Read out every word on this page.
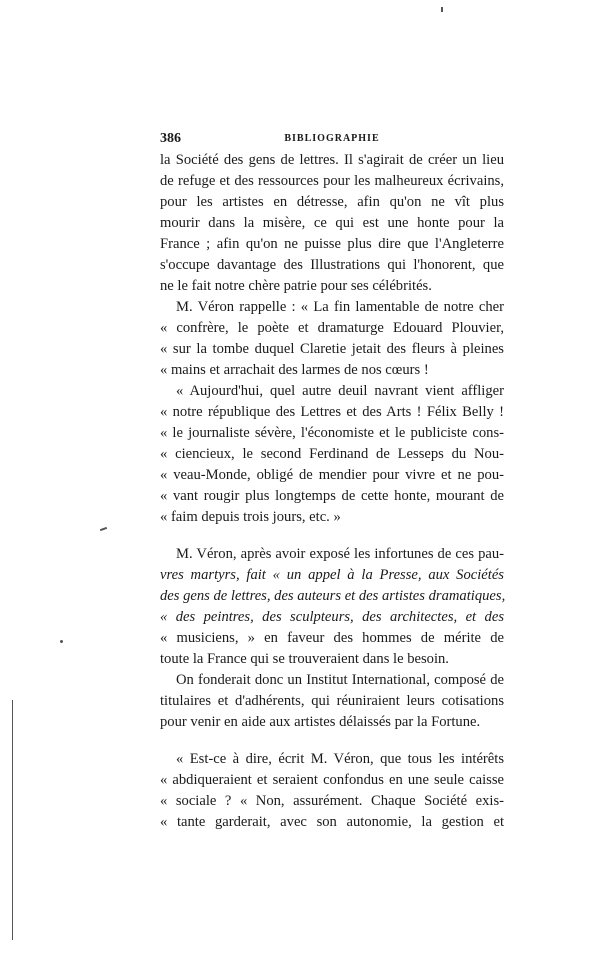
386	BIBLIOGRAPHIE
la Société des gens de lettres. Il s'agirait de créer un lieu
de refuge et des ressources pour les malheureux écrivains,
pour les artistes en détresse, afin qu'on ne vît plus
mourir dans la misère, ce qui est une honte pour la
France ; afin qu'on ne puisse plus dire que l'Angleterre
s'occupe davantage des Illustrations qui l'honorent, que
ne le fait notre chère patrie pour ses célébrités.
M. Véron rappelle : « La fin lamentable de notre cher
« confrère, le poète et dramaturge Edouard Plouvier,
« sur la tombe duquel Claretie jetait des fleurs à pleines
« mains et arrachait des larmes de nos cœurs !
« Aujourd'hui, quel autre deuil navrant vient affliger
« notre république des Lettres et des Arts ! Félix Belly !
« le journaliste sévère, l'économiste et le publiciste cons-
« ciencieux, le second Ferdinand de Lesseps du Nou-
« veau-Monde, obligé de mendier pour vivre et ne pou-
« vant rougir plus longtemps de cette honte, mourant de
« faim depuis trois jours, etc. »
M. Véron, après avoir exposé les infortunes de ces pau-
vres martyrs, fait « un appel à la Presse, aux Sociétés
des gens de lettres, des auteurs et des artistes dramatiques,
« des peintres, des sculpteurs, des architectes, et des
« musiciens, » en faveur des hommes de mérite de
toute la France qui se trouveraient dans le besoin.
On fonderait donc un Institut International, composé de
titulaires et d'adhérents, qui réuniraient leurs cotisations
pour venir en aide aux artistes délaissés par la Fortune.
« Est-ce à dire, écrit M. Véron, que tous les intérêts
« abdiqueraient et seraient confondus en une seule caisse
« sociale ? « Non, assurément. Chaque Société exis-
« tante garderait, avec son autonomie, la gestion et
